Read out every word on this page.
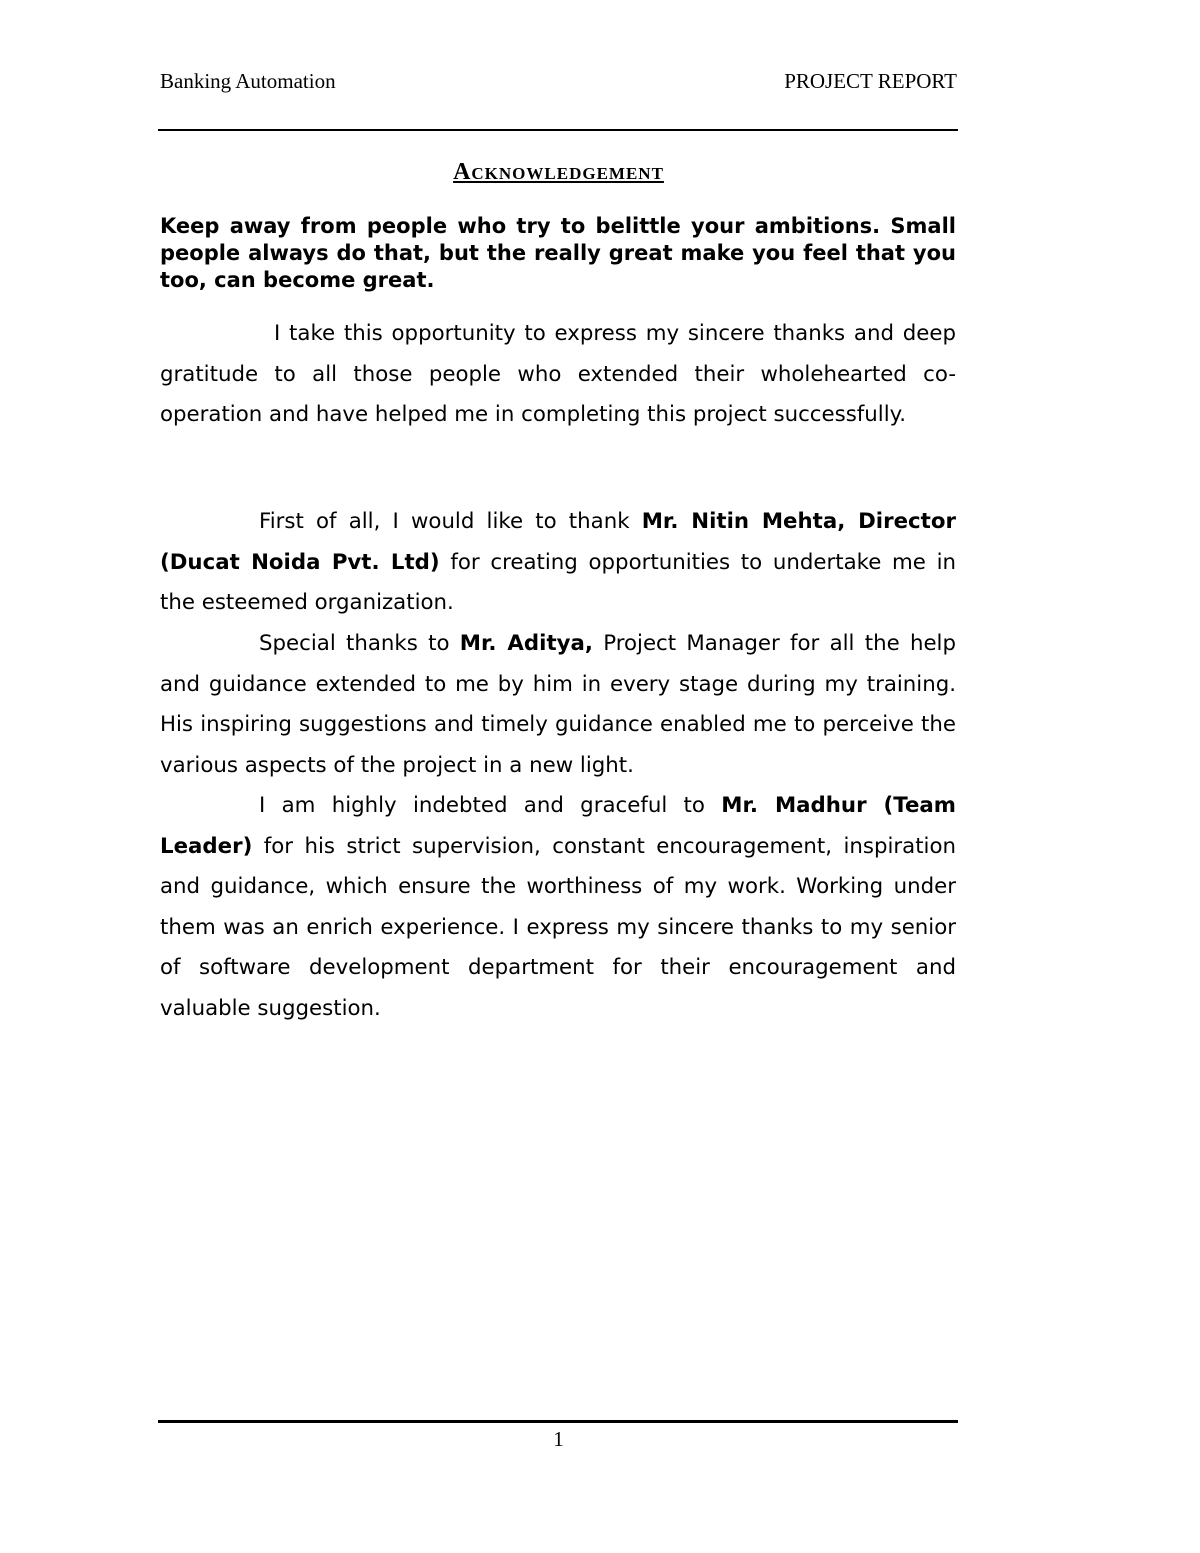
Banking Automation	PROJECT REPORT
Acknowledgement
Keep away from people who try to belittle your ambitions. Small people always do that, but the really great make you feel that you too, can become great.

I take this opportunity to express my sincere thanks and deep gratitude to all those people who extended their wholehearted co-operation and have helped me in completing this project successfully.

First of all, I would like to thank Mr. Nitin Mehta, Director (Ducat Noida Pvt. Ltd) for creating opportunities to undertake me in the esteemed organization.

Special thanks to Mr. Aditya, Project Manager for all the help and guidance extended to me by him in every stage during my training. His inspiring suggestions and timely guidance enabled me to perceive the various aspects of the project in a new light.

I am highly indebted and graceful to Mr. Madhur (Team Leader) for his strict supervision, constant encouragement, inspiration and guidance, which ensure the worthiness of my work. Working under them was an enrich experience. I express my sincere thanks to my senior of software development department for their encouragement and valuable suggestion.

1
